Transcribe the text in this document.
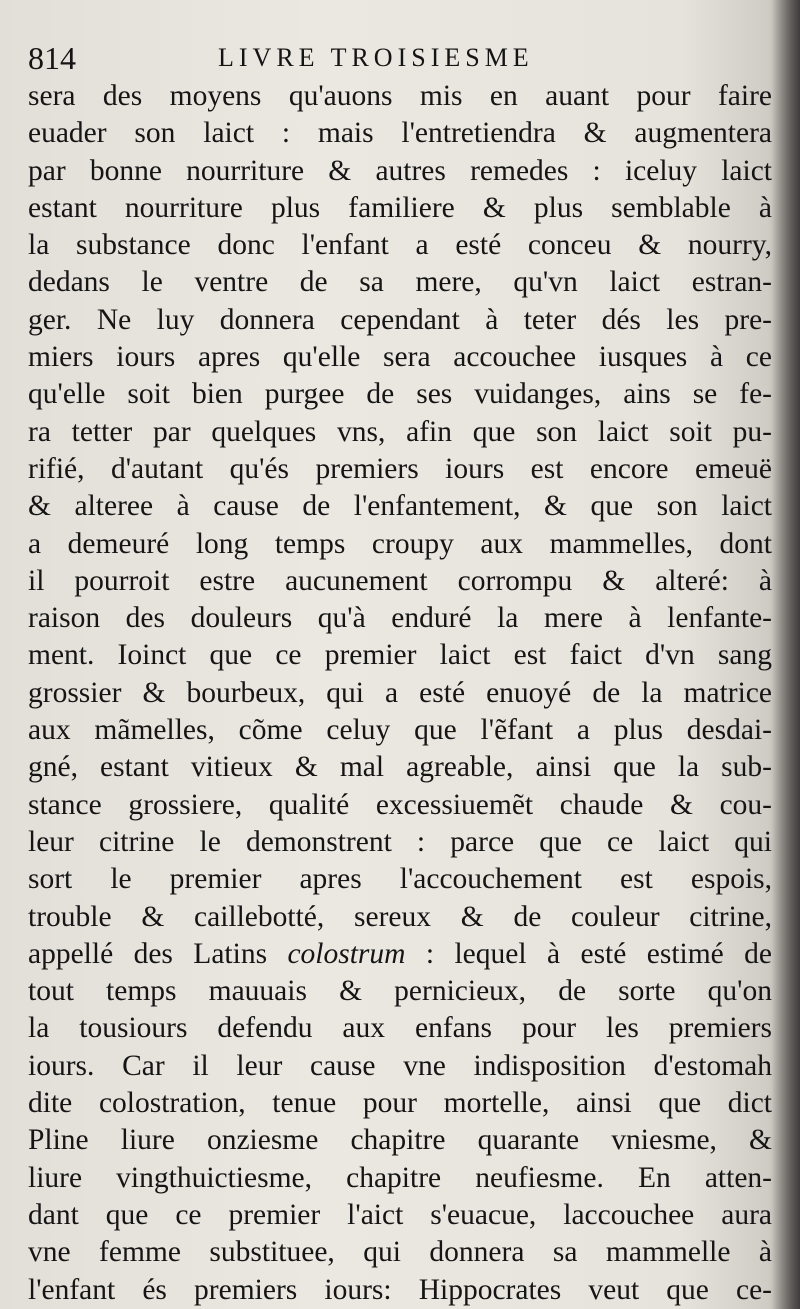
814	LIVRE TROISIESME
sera des moyens qu'auons mis en auant pour faire
euader son laict : mais l'entretiendra & augmentera
par bonne nourriture & autres remedes : iceluy laict
estant nourriture plus familiere & plus semblable à
la substance donc l'enfant a esté conceu & nourry,
dedans le ventre de sa mere, qu'vn laict estran-
ger. Ne luy donnera cependant à teter dés les pre-
miers iours apres qu'elle sera accouchee iusques à ce
qu'elle soit bien purgee de ses vuidanges, ains se fe-
ra tetter par quelques vns, afin que son laict soit pu-
rifié, d'autant qu'és premiers iours est encore emeuë
& alteree à cause de l'enfantement, & que son laict
a demeuré long temps croupy aux mammelles, dont
il pourroit estre aucunement corrompu & alteré: à
raison des douleurs qu'à enduré la mere à lenfante-
ment. Ioinct que ce premier laict est faict d'vn sang
grossier & bourbeux, qui a esté enuoyé de la matrice
aux mãmelles, cõme celuy que l'ẽfant a plus desdai-
gné, estant vitieux & mal agreable, ainsi que la sub-
stance grossiere, qualité excessiuemẽt chaude & cou-
leur citrine le demonstrent : parce que ce laict qui
sort le premier apres l'accouchement est espois,
trouble & caillebotté, sereux & de couleur citrine,
appellé des Latins colostrum : lequel à esté estimé de
tout temps mauuais & pernicieux, de sorte qu'on
la tousiours defendu aux enfans pour les premiers
iours. Car il leur cause vne indisposition d'estomah
dite colostration, tenue pour mortelle, ainsi que dict
Pline liure onziesme chapitre quarante vniesme, &
liure vingthuictiesme, chapitre neufiesme. En atten-
dant que ce premier l'aict s'euacue, laccouchee aura
vne femme substituee, qui donnera sa mammelle à
l'enfant és premiers iours: Hippocrates veut que ce-
